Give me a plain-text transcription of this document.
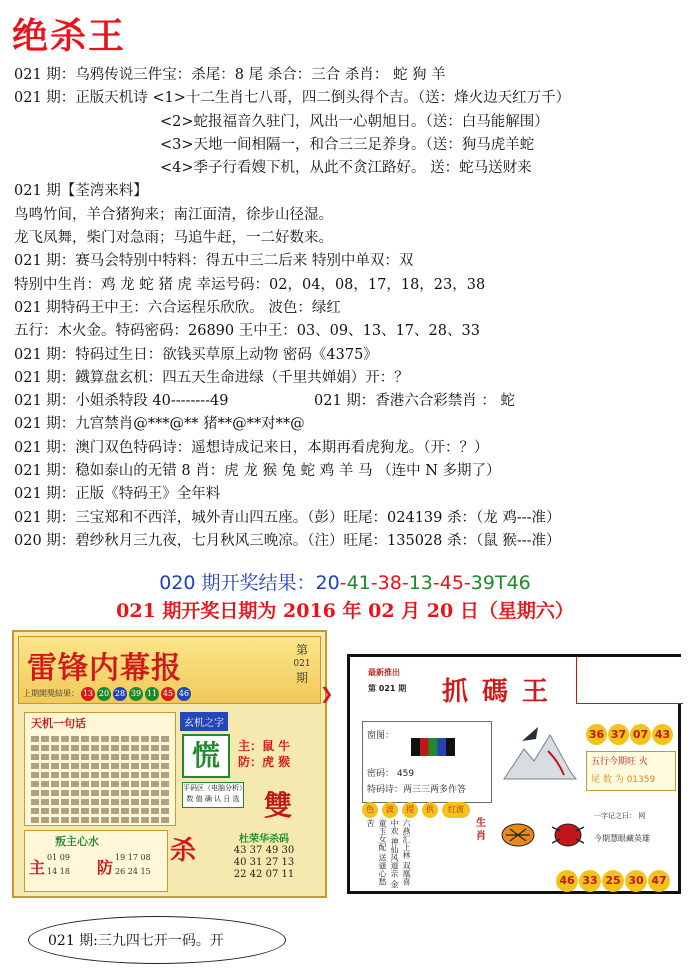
绝杀王
021 期：乌鸦传说三件宝：杀尾：8 尾 杀合：三合 杀肖： 蛇 狗 羊
021 期：正版天机诗 <1>十二生肖七八哥，四二倒头得个吉。（送：烽火边天红万千）
<2>蛇报福音久驻门，风出一心朝旭日。（送：白马能解围）
<3>天地一间相隔一，和合三三足养身。（送：狗马虎羊蛇
<4>季子行看嫂下机，从此不贪江路好。 送：蛇马送财来
021 期【荃湾来料】
鸟鸣竹间，羊合猪狗来；南江面清，徐步山径湿。
龙飞凤舞，柴门对急雨；马追牛赶，一二好数来。
021 期：赛马会特别中特料：得五中三二后来 特别中单双：双
特别中生肖：鸡 龙 蛇 猪 虎 幸运号码：02，04，08，17，18，23，38
021 期特码王中王：六合运程乐欣欣。 波色：绿红
五行：木火金。特码密码：26890 王中王：03、09、13、17、28、33
021 期：特码过生日：欲钱买草原上动物 密码《4375》
021 期：鐡算盘玄机：四五天生命进绿（千里共婵娟）开：？
021 期：小姐杀特段 40--------49	021 期：香港六合彩禁肖 ： 蛇
021 期：九宫禁肖@***@** 猪**@**对**@
021 期：澳门双色特码诗：遥想诗成记来日，本期再看虎狗龙。（开：？）
021 期：稳如泰山的无错 8 肖：虎 龙 猴 兔 蛇 鸡 羊 马 （连中 N 多期了）
021 期：正版《特码王》全年料
021 期：三宝郑和不西洋，城外青山四五座。（彭）旺尾：024139 杀：（龙 鸡---准）
020 期：碧纱秋月三九夜，七月秋风三晚凉。（注）旺尾：135028 杀：（鼠 猴---准）
020 期开奖结果：20-41-38-13-45-39T46
021 期开奖日期为 2016 年 02 月 20 日（星期六）
雷锋内幕报
第
021
期
上期開獎結果： 13 20 28 39 11 45 46	❯
天机一句话	玄机之字
慌	主：鼠 牛
防：虎 猴
平码区（电脑分析）
数 值 确 认 日 选 雙
叛主心水
主	防
01 09	19 17 08
14 18	26 24 15
杀	杜荣华杀码
43 37 49 30
40 31 27 13
22 42 07 11
最新推出
第 021 期 抓碼王
窗图：
密码： 459
特码诗：两三三两多作答
36 37 07 43
五行今期旺 火
尾 数 为 01359
色 波 提 供 红波
六燕汇上林 双凰喜中欢 神仙风道亲 金童玉女配 送谜心愁苦	生肖
一字记之曰： 网
今期慧眼藏英雄
46 33 25 30 47
021 期:三九四七开一码。开
